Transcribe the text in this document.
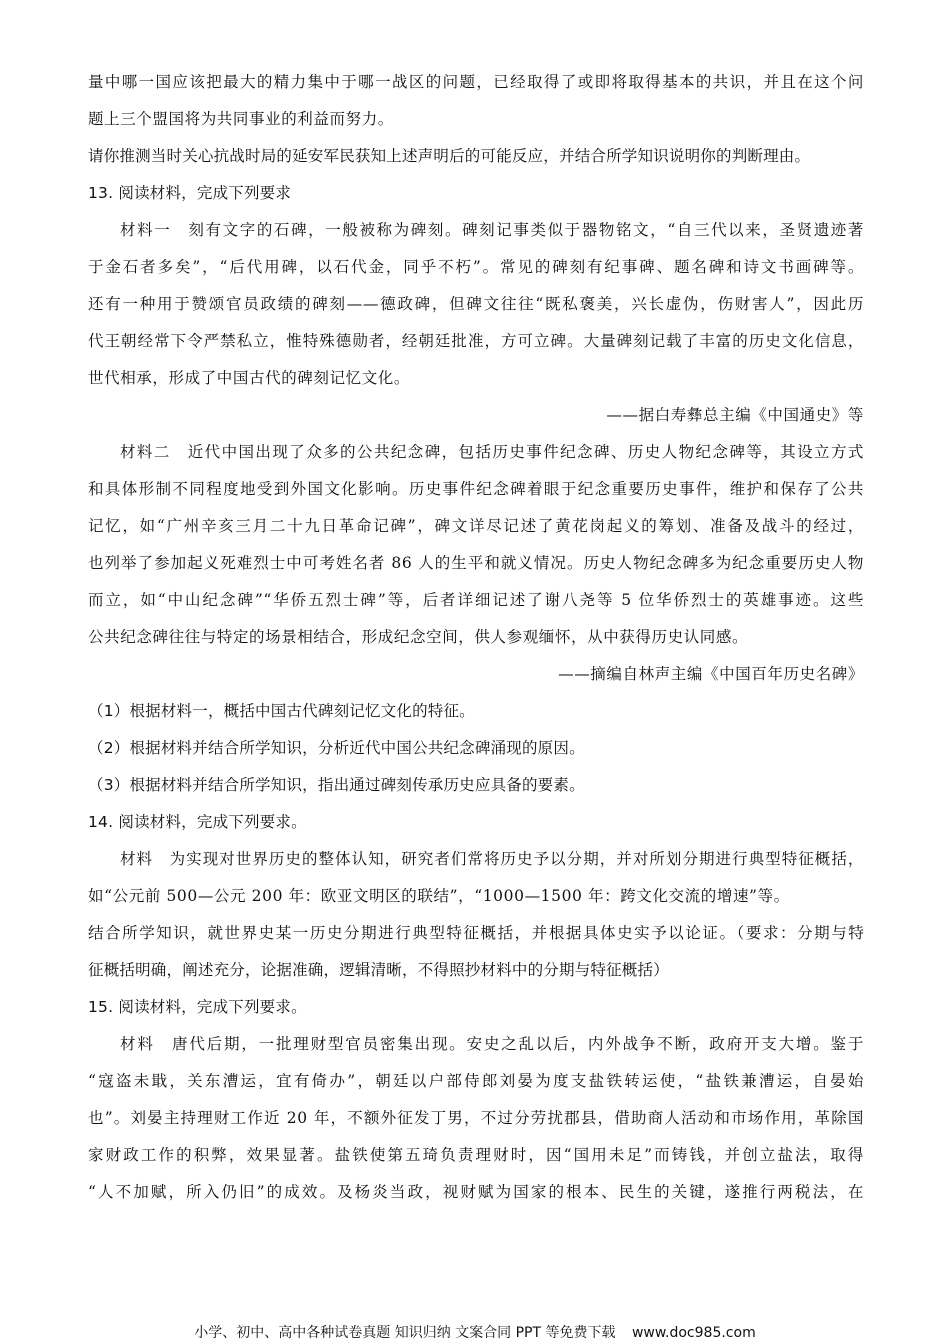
量中哪一国应该把最大的精力集中于哪一战区的问题，已经取得了或即将取得基本的共识，并且在这个问
题上三个盟国将为共同事业的利益而努力。
请你推测当时关心抗战时局的延安军民获知上述声明后的可能反应，并结合所学知识说明你的判断理由。
13. 阅读材料，完成下列要求
材料一　刻有文字的石碑，一般被称为碑刻。碑刻记事类似于器物铭文，“自三代以来，圣贤遗迹著
于金石者多矣”，“后代用碑，以石代金，同乎不朽”。常见的碑刻有纪事碑、题名碑和诗文书画碑等。
还有一种用于赞颂官员政绩的碑刻——德政碑，但碑文往往“既私褒美，兴长虚伪，伤财害人”，因此历
代王朝经常下令严禁私立，惟特殊德勋者，经朝廷批准，方可立碑。大量碑刻记载了丰富的历史文化信息，
世代相承，形成了中国古代的碑刻记忆文化。
——据白寿彝总主编《中国通史》等
材料二　近代中国出现了众多的公共纪念碑，包括历史事件纪念碑、历史人物纪念碑等，其设立方式
和具体形制不同程度地受到外国文化影响。历史事件纪念碑着眼于纪念重要历史事件，维护和保存了公共
记忆，如“广州辛亥三月二十九日革命记碑”，碑文详尽记述了黄花岗起义的筹划、准备及战斗的经过，
也列举了参加起义死难烈士中可考姓名者 86 人的生平和就义情况。历史人物纪念碑多为纪念重要历史人物
而立，如“中山纪念碑”“华侨五烈士碑”等，后者详细记述了谢八尧等 5 位华侨烈士的英雄事迹。这些
公共纪念碑往往与特定的场景相结合，形成纪念空间，供人参观缅怀，从中获得历史认同感。
——摘编自林声主编《中国百年历史名碑》
（1）根据材料一，概括中国古代碑刻记忆文化的特征。
（2）根据材料并结合所学知识，分析近代中国公共纪念碑涌现的原因。
（3）根据材料并结合所学知识，指出通过碑刻传承历史应具备的要素。
14. 阅读材料，完成下列要求。
材料　为实现对世界历史的整体认知，研究者们常将历史予以分期，并对所划分期进行典型特征概括，
如“公元前 500—公元 200 年：欧亚文明区的联结”，“1000—1500 年：跨文化交流的增速”等。
结合所学知识，就世界史某一历史分期进行典型特征概括，并根据具体史实予以论证。（要求：分期与特
征概括明确，阐述充分，论据准确，逻辑清晰，不得照抄材料中的分期与特征概括）
15. 阅读材料，完成下列要求。
材料　唐代后期，一批理财型官员密集出现。安史之乱以后，内外战争不断，政府开支大增。鉴于
“寇盗未戢，关东漕运，宜有倚办”，朝廷以户部侍郎刘晏为度支盐铁转运使，“盐铁兼漕运，自晏始
也”。刘晏主持理财工作近 20 年，不额外征发丁男，不过分劳扰郡县，借助商人活动和市场作用，革除国
家财政工作的积弊，效果显著。盐铁使第五琦负责理财时，因“国用未足”而铸钱，并创立盐法，取得
“人不加赋，所入仍旧”的成效。及杨炎当政，视财赋为国家的根本、民生的关键，遂推行两税法，在
小学、初中、高中各种试卷真题 知识归纳 文案合同 PPT 等免费下载 www.doc985.com
